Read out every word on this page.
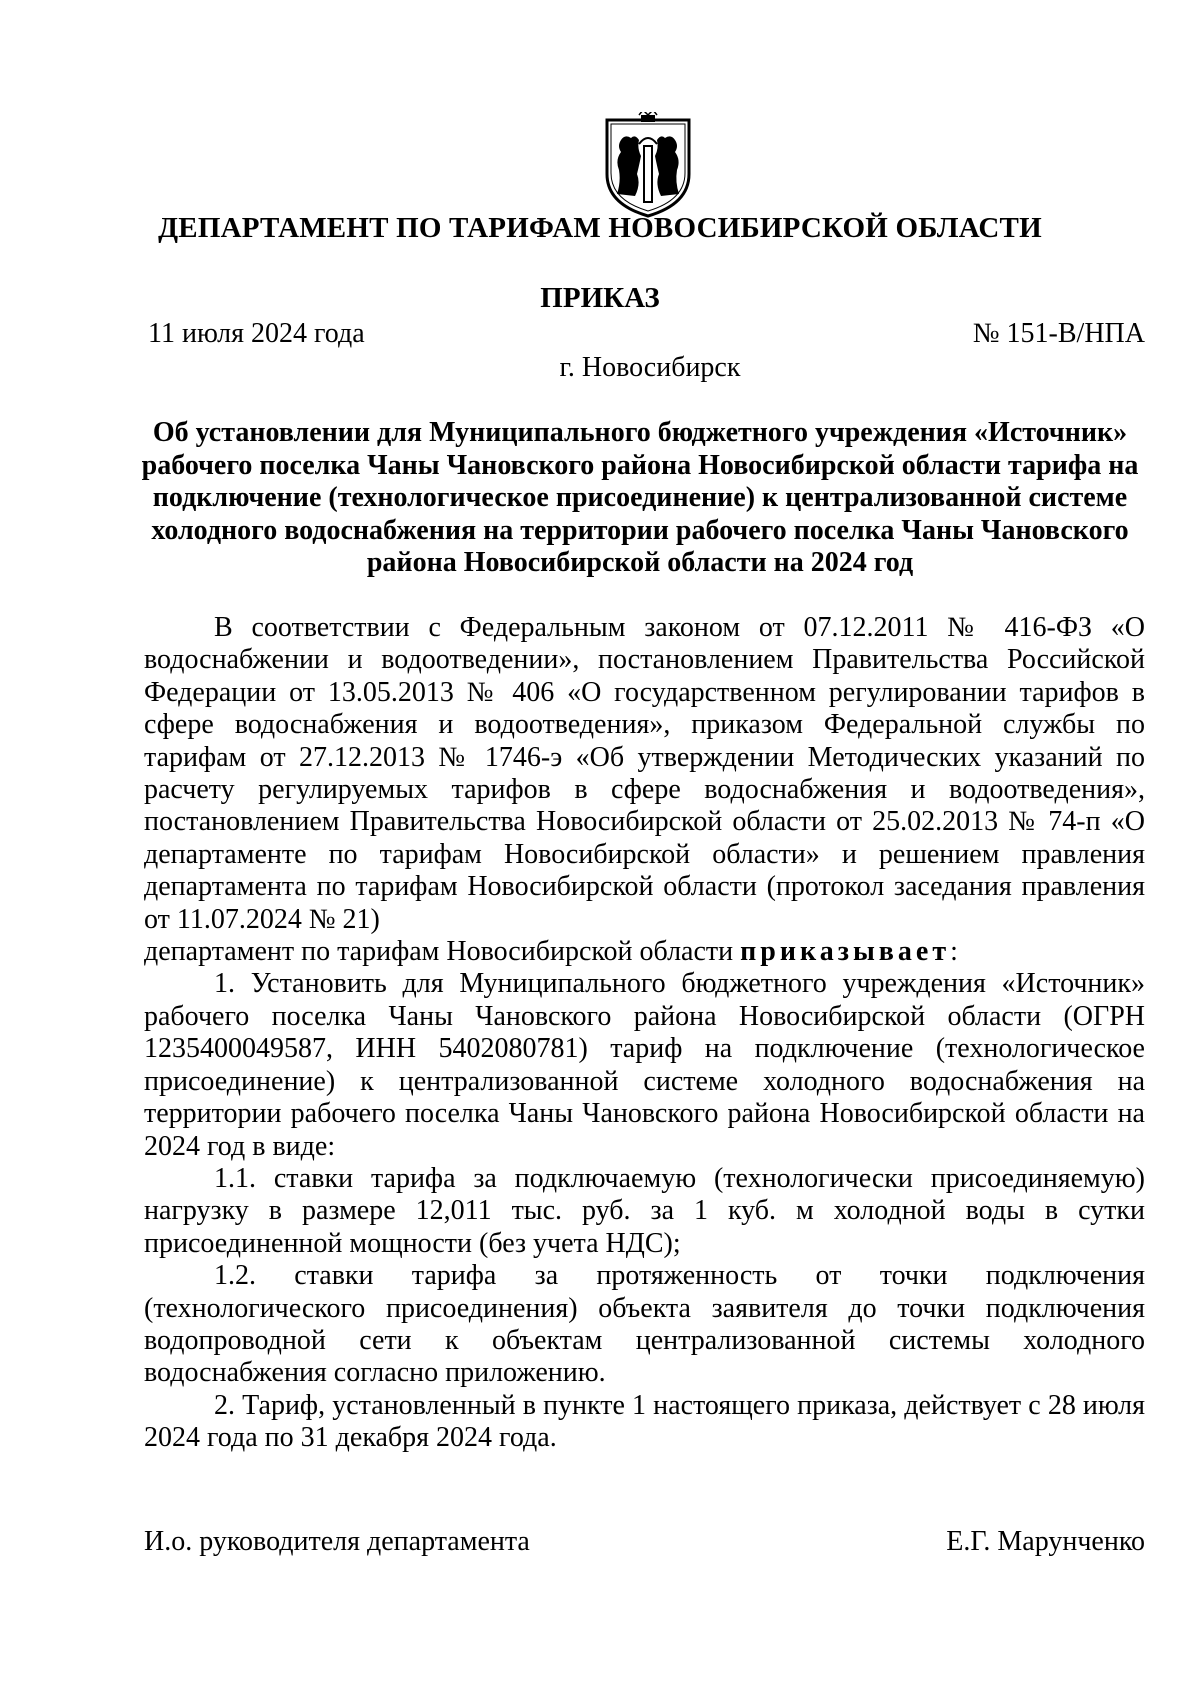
ДЕПАРТАМЕНТ ПО ТАРИФАМ НОВОСИБИРСКОЙ ОБЛАСТИ
ПРИКАЗ
11 июля 2024 года	№ 151-В/НПА
г. Новосибирск
Об установлении для Муниципального бюджетного учреждения «Источник» рабочего поселка Чаны Чановского района Новосибирской области тарифа на подключение (технологическое присоединение) к централизованной системе холодного водоснабжения на территории рабочего поселка Чаны Чановского района Новосибирской области на 2024 год

В соответствии с Федеральным законом от 07.12.2011 № 416-ФЗ «О водоснабжении и водоотведении», постановлением Правительства Российской Федерации от 13.05.2013 № 406 «О государственном регулировании тарифов в сфере водоснабжения и водоотведения», приказом Федеральной службы по тарифам от 27.12.2013 № 1746-э «Об утверждении Методических указаний по расчету регулируемых тарифов в сфере водоснабжения и водоотведения», постановлением Правительства Новосибирской области от 25.02.2013 № 74-п «О департаменте по тарифам Новосибирской области» и решением правления департамента по тарифам Новосибирской области (протокол заседания правления от 11.07.2024 № 21)

департамент по тарифам Новосибирской области приказывает:

1. Установить для Муниципального бюджетного учреждения «Источник» рабочего поселка Чаны Чановского района Новосибирской области (ОГРН 1235400049587, ИНН 5402080781) тариф на подключение (технологическое присоединение) к централизованной системе холодного водоснабжения на территории рабочего поселка Чаны Чановского района Новосибирской области на 2024 год в виде:

1.1. ставки тарифа за подключаемую (технологически присоединяемую) нагрузку в размере 12,011 тыс. руб. за 1 куб. м холодной воды в сутки присоединенной мощности (без учета НДС);

1.2. ставки тарифа за протяженность от точки подключения (технологического присоединения) объекта заявителя до точки подключения водопроводной сети к объектам централизованной системы холодного водоснабжения согласно приложению.

2. Тариф, установленный в пункте 1 настоящего приказа, действует с 28 июля 2024 года по 31 декабря 2024 года.

И.о. руководителя департамента	Е.Г. Марунченко
